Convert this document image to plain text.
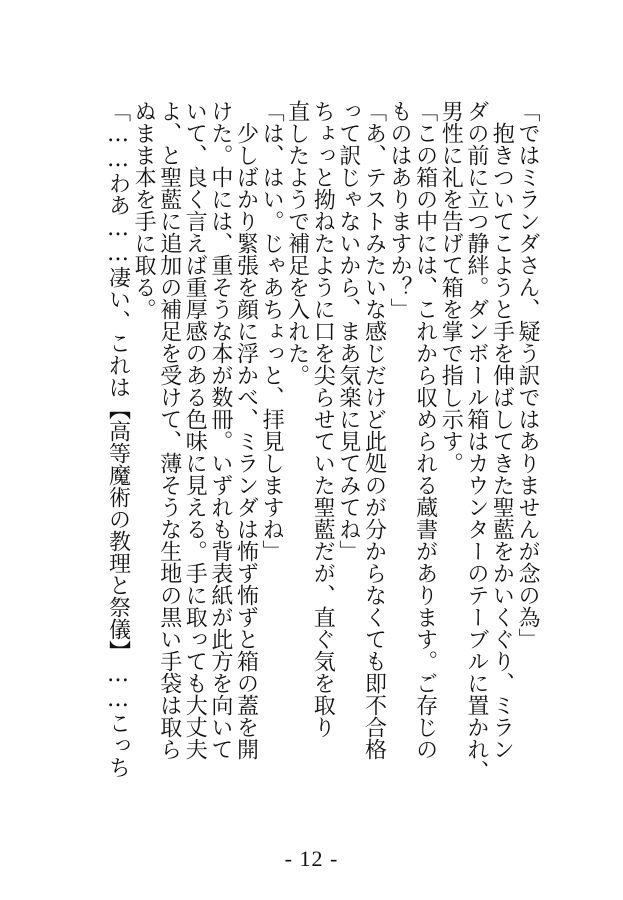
「ではミランダさん、疑う訳ではありませんが念の為」
　抱きついてこようと手を伸ばしてきた聖藍をかいくぐり、ミラン
ダの前に立つ静絆。ダンボール箱はカウンターのテーブルに置かれ、
男性に礼を告げて箱を掌で指し示す。
「この箱の中には、これから収められる蔵書があります。ご存じの
ものはありますか？」
「あ、テストみたいな感じだけど此処のが分からなくても即不合格
って訳じゃないから、まあ気楽に見てみてね」
ちょっと拗ねたように口を尖らせていた聖藍だが、直ぐ気を取り
直したようで補足を入れた。
「は、はい。じゃあちょっと、拝見しますね」
　少しばかり緊張を顔に浮かべ、ミランダは怖ず怖ずと箱の蓋を開
けた。中には、重そうな本が数冊。いずれも背表紙が此方を向いて
いて、良く言えば重厚感のある色味に見える。手に取っても大丈夫
よ、と聖藍に追加の補足を受けて、薄そうな生地の黒い手袋は取ら
ぬまま本を手に取る。
「……わあ……凄い、これは【高等魔術の教理と祭儀】……こっち
- 12 -
